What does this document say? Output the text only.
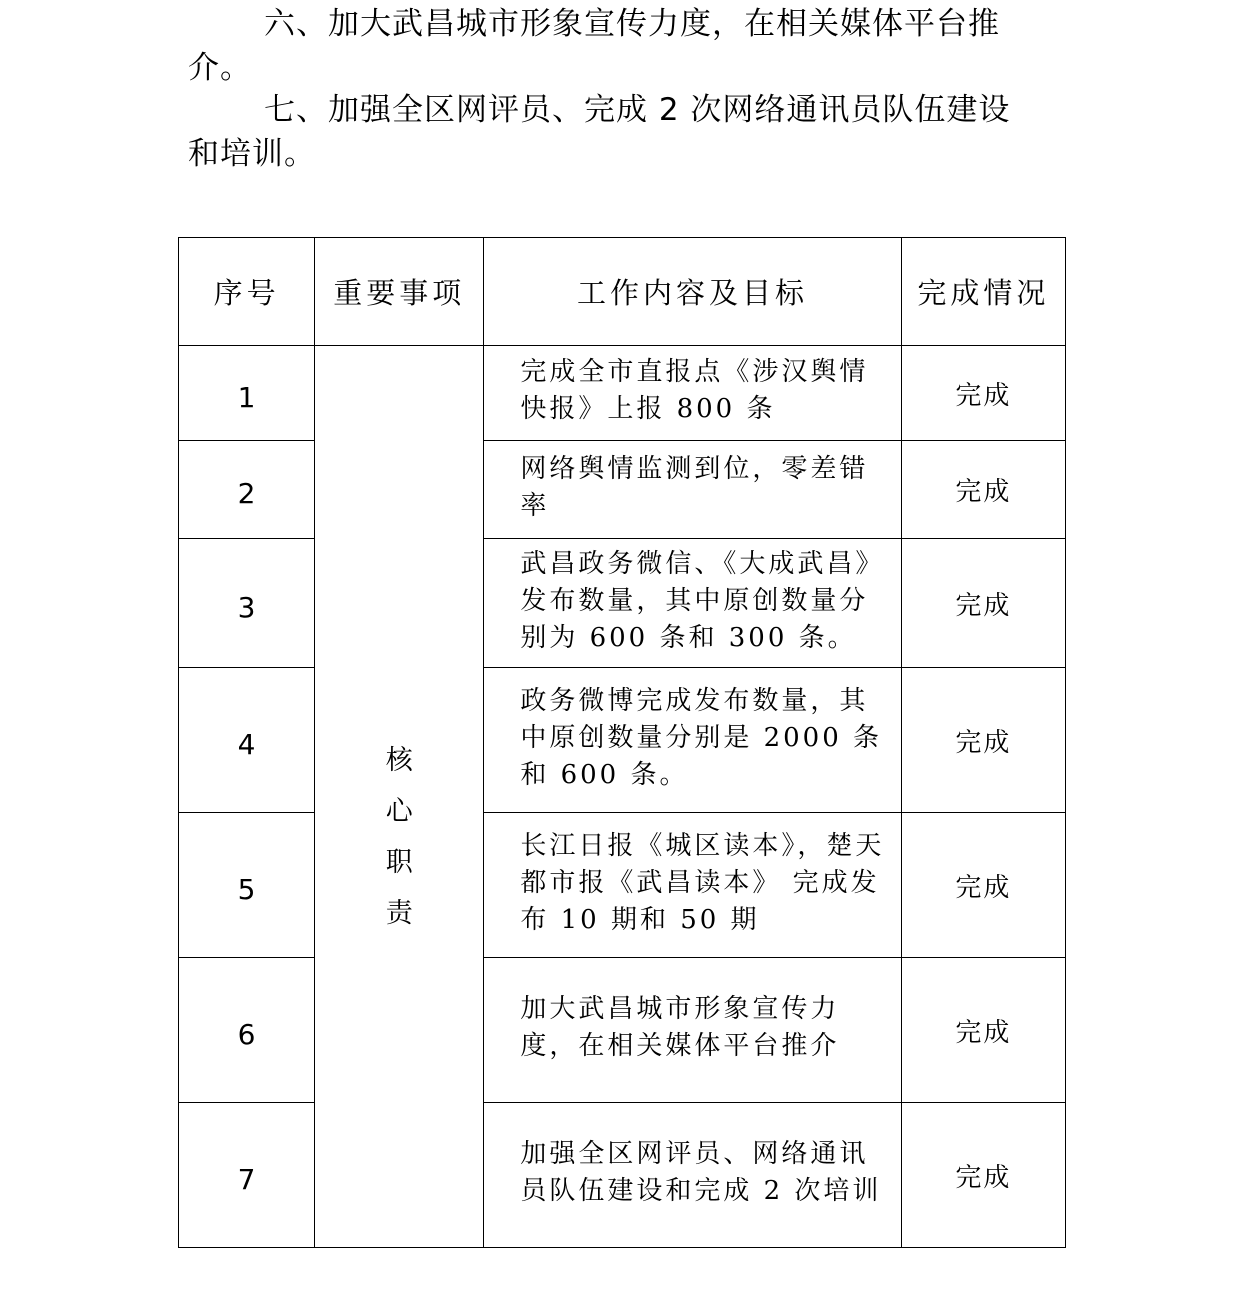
六、加大武昌城市形象宣传力度，在相关媒体平台推介。

七、加强全区网评员、完成 2 次网络通讯员队伍建设和培训。

序号	重要事项	工作内容及目标	完成情况
1	核心职责	完成全市直报点《涉汉舆情快报》上报 800 条	完成
2		网络舆情监测到位，零差错率	完成
3		武昌政务微信、《大成武昌》发布数量，其中原创数量分别为 600 条和 300 条。	完成
4		政务微博完成发布数量，其中原创数量分别是 2000 条和 600 条。	完成
5		长江日报《城区读本》，楚天都市报《武昌读本》 完成发布 10 期和 50 期	完成
6		加大武昌城市形象宣传力度，在相关媒体平台推介	完成
7		加强全区网评员、网络通讯员队伍建设和完成 2 次培训	完成
